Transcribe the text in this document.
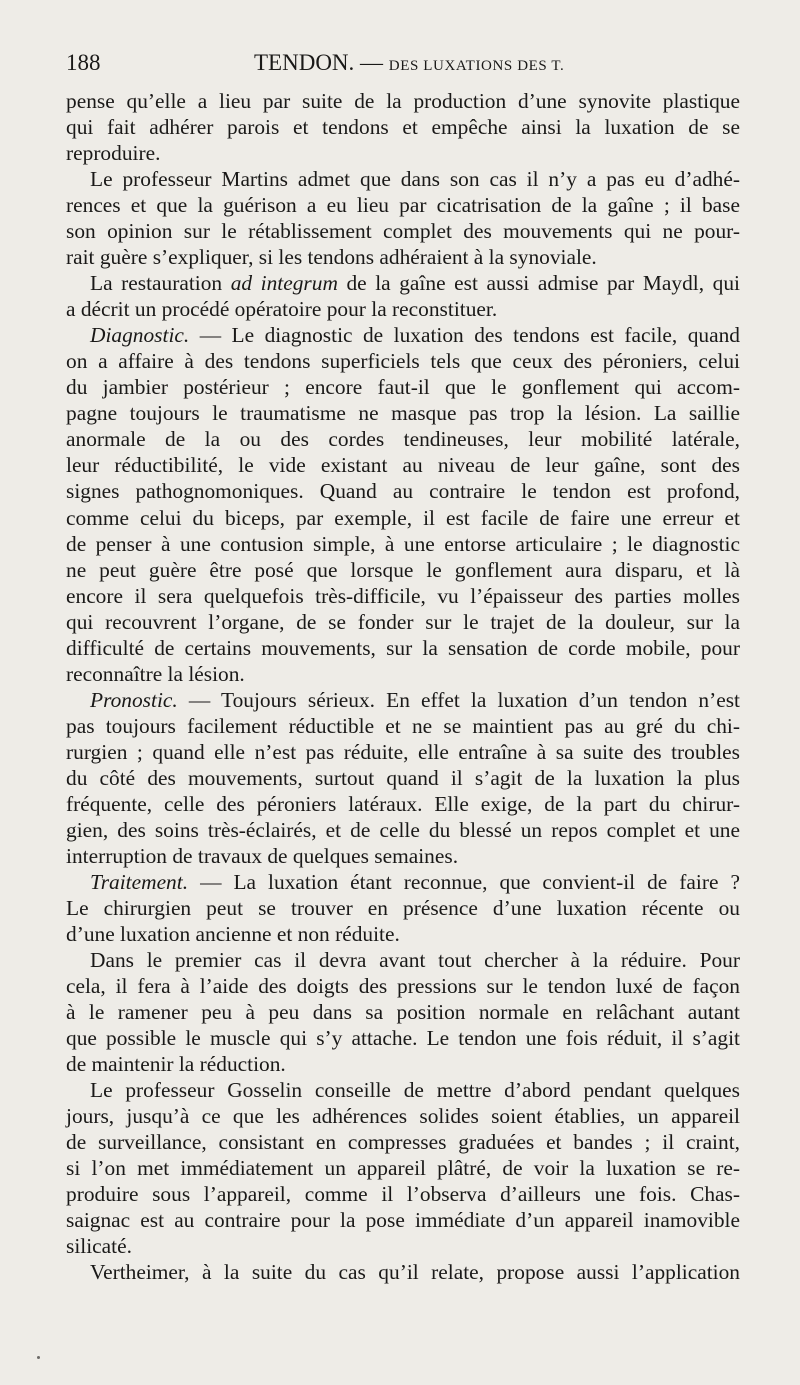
188	TENDON. — DES LUXATIONS DES T.

pense qu’elle a lieu par suite de la production d’une synovite plastique

qui fait adhérer parois et tendons et empêche ainsi la luxation de se

reproduire.

Le professeur Martins admet que dans son cas il n’y a pas eu d’adhé-

rences et que la guérison a eu lieu par cicatrisation de la gaîne ; il base

son opinion sur le rétablissement complet des mouvements qui ne pour-

rait guère s’expliquer, si les tendons adhéraient à la synoviale.

La restauration ad integrum de la gaîne est aussi admise par Maydl, qui

a décrit un procédé opératoire pour la reconstituer.

Diagnostic. — Le diagnostic de luxation des tendons est facile, quand

on a affaire à des tendons superficiels tels que ceux des péroniers, celui

du jambier postérieur ; encore faut-il que le gonflement qui accom-

pagne toujours le traumatisme ne masque pas trop la lésion. La saillie

anormale de la ou des cordes tendineuses, leur mobilité latérale,

leur réductibilité, le vide existant au niveau de leur gaîne, sont des

signes pathognomoniques. Quand au contraire le tendon est profond,

comme celui du biceps, par exemple, il est facile de faire une erreur et

de penser à une contusion simple, à une entorse articulaire ; le diagnostic

ne peut guère être posé que lorsque le gonflement aura disparu, et là

encore il sera quelquefois très-difficile, vu l’épaisseur des parties molles

qui recouvrent l’organe, de se fonder sur le trajet de la douleur, sur la

difficulté de certains mouvements, sur la sensation de corde mobile, pour

reconnaître la lésion.

Pronostic. — Toujours sérieux. En effet la luxation d’un tendon n’est

pas toujours facilement réductible et ne se maintient pas au gré du chi-

rurgien ; quand elle n’est pas réduite, elle entraîne à sa suite des troubles

du côté des mouvements, surtout quand il s’agit de la luxation la plus

fréquente, celle des péroniers latéraux. Elle exige, de la part du chirur-

gien, des soins très-éclairés, et de celle du blessé un repos complet et une

interruption de travaux de quelques semaines.

Traitement. — La luxation étant reconnue, que convient-il de faire ?

Le chirurgien peut se trouver en présence d’une luxation récente ou

d’une luxation ancienne et non réduite.

Dans le premier cas il devra avant tout chercher à la réduire. Pour

cela, il fera à l’aide des doigts des pressions sur le tendon luxé de façon

à le ramener peu à peu dans sa position normale en relâchant autant

que possible le muscle qui s’y attache. Le tendon une fois réduit, il s’agit

de maintenir la réduction.

Le professeur Gosselin conseille de mettre d’abord pendant quelques

jours, jusqu’à ce que les adhérences solides soient établies, un appareil

de surveillance, consistant en compresses graduées et bandes ; il craint,

si l’on met immédiatement un appareil plâtré, de voir la luxation se re-

produire sous l’appareil, comme il l’observa d’ailleurs une fois. Chas-

saignac est au contraire pour la pose immédiate d’un appareil inamovible

silicaté.

Vertheimer, à la suite du cas qu’il relate, propose aussi l’application
